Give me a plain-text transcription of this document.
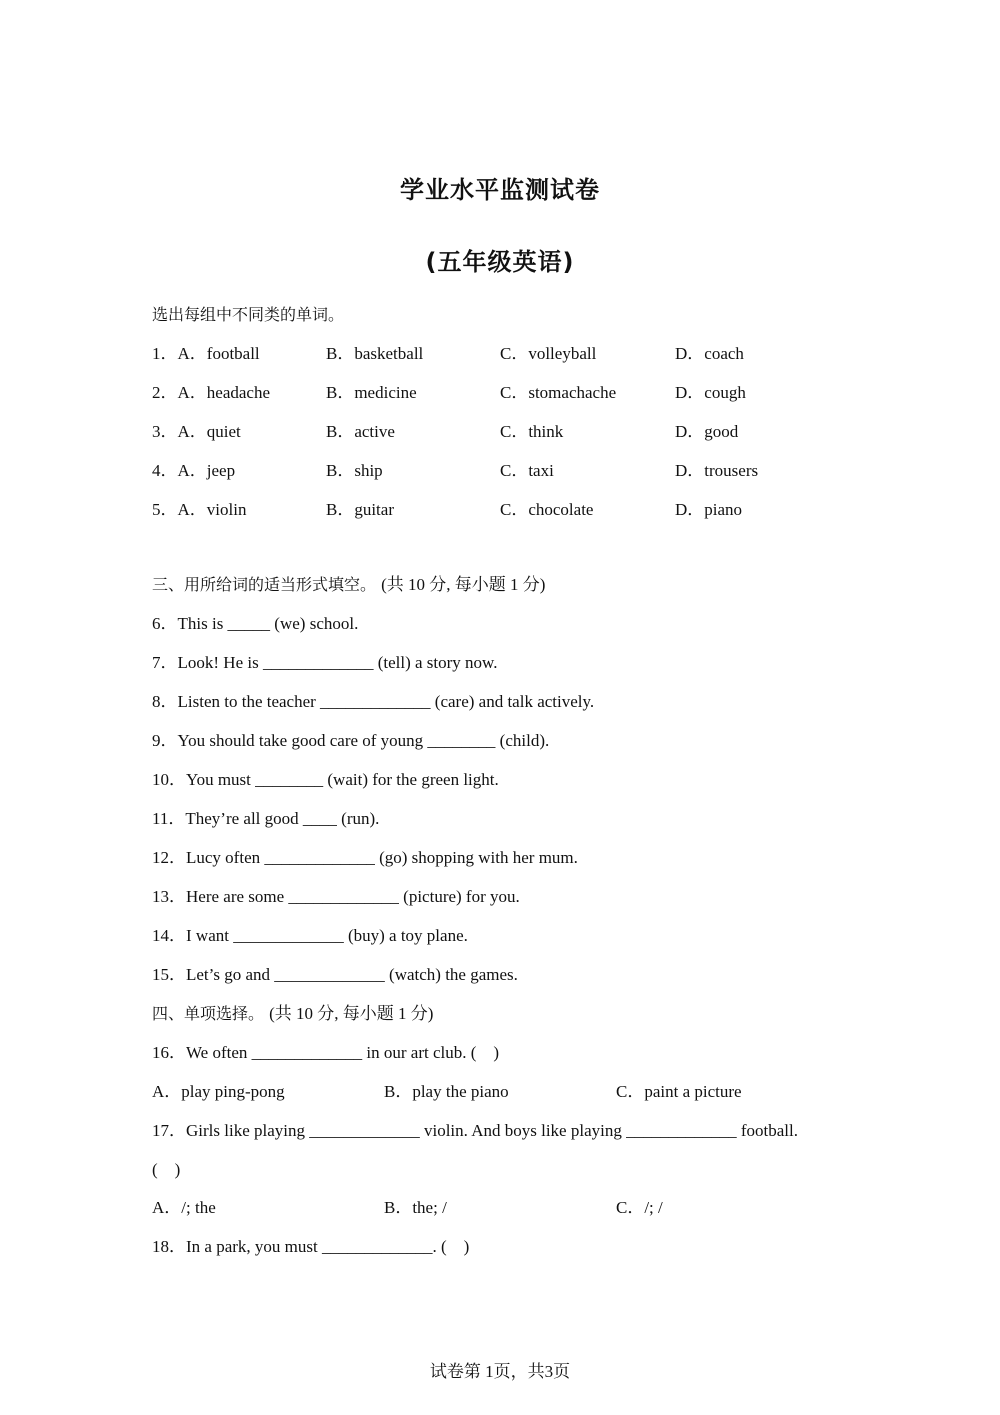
学业水平监测试卷
(五年级英语)
选出每组中不同类的单词。
1．A．football	B．basketball	C．volleyball	D．coach
2．A．headache	B．medicine	C．stomachache	D．cough
3．A．quiet	B．active	C．think	D．good
4．A．jeep	B．ship	C．taxi	D．trousers
5．A．violin	B．guitar	C．chocolate	D．piano
三、用所给词的适当形式填空。 (共 10 分, 每小题 1 分)
6．This is _____ (we) school.
7．Look! He is _____________ (tell) a story now.
8．Listen to the teacher _____________ (care) and talk actively.
9．You should take good care of young ________ (child).
10．You must ________ (wait) for the green light.
11．They’re all good ____ (run).
12．Lucy often _____________ (go) shopping with her mum.
13．Here are some _____________ (picture) for you.
14．I want _____________ (buy) a toy plane.
15．Let’s go and _____________ (watch) the games.
四、单项选择。 (共 10 分, 每小题 1 分)
16．We often _____________ in our art club. (　)
A．play ping-pong	B．play the piano	C．paint a picture
17．Girls like playing _____________ violin. And boys like playing _____________ football.
(　)
A．/; the	B．the; /	C．/; /
18．In a park, you must _____________. (　)
试卷第 1页，共3页
